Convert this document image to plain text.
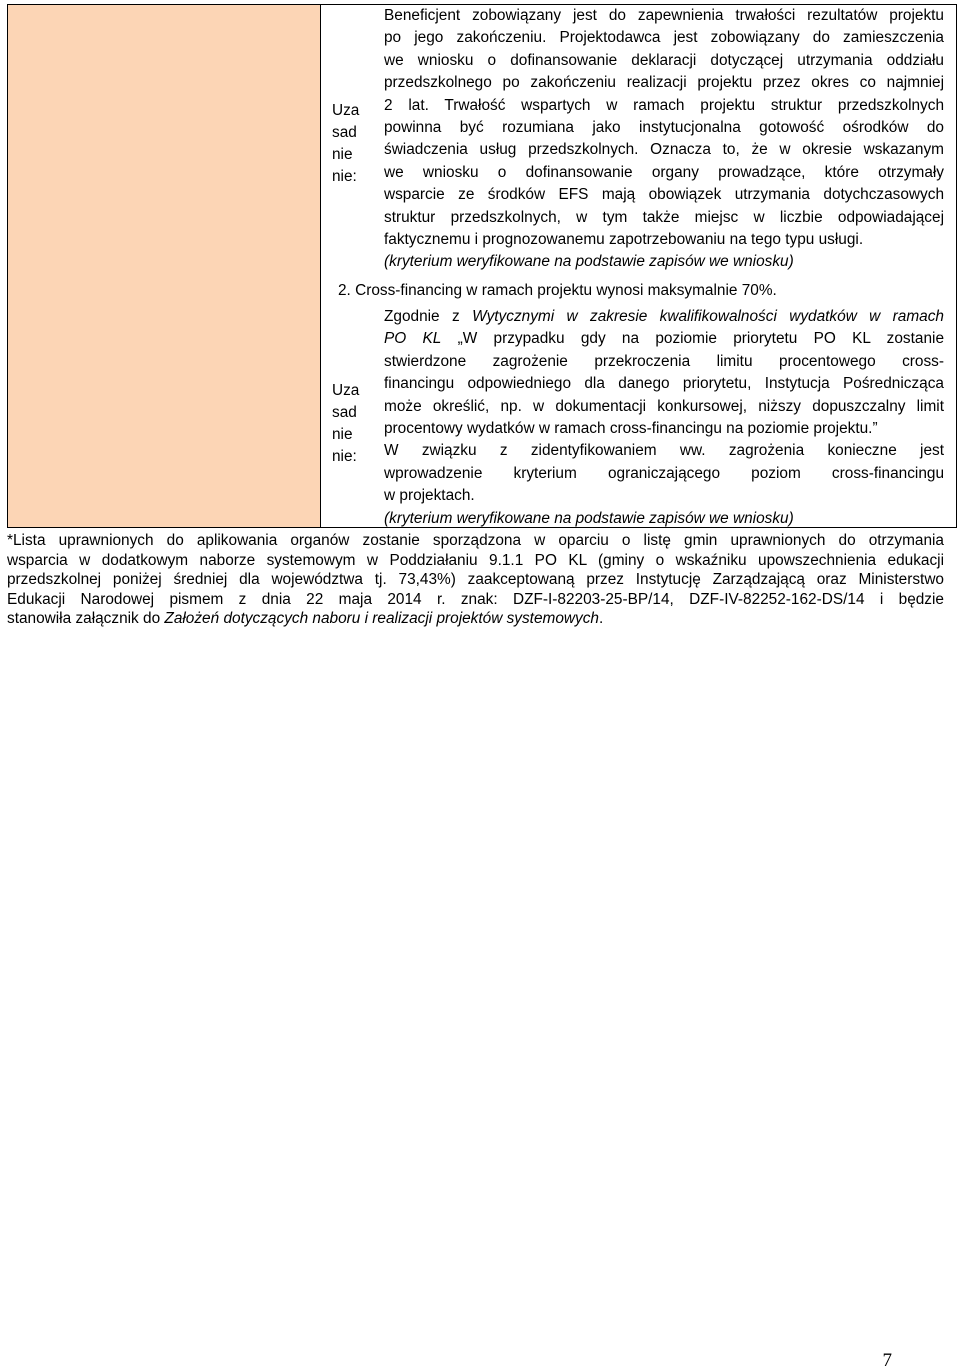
Uza
sad
nie
nie:
Beneficjent zobowiązany jest do zapewnienia trwałości rezultatów projektu
po jego zakończeniu. Projektodawca jest zobowiązany do zamieszczenia
we wniosku o dofinansowanie deklaracji dotyczącej utrzymania oddziału
przedszkolnego po zakończeniu realizacji projektu przez okres co najmniej
2 lat. Trwałość wspartych w ramach projektu struktur przedszkolnych
powinna być rozumiana jako instytucjonalna gotowość ośrodków do
świadczenia usług przedszkolnych. Oznacza to, że w okresie wskazanym
we wniosku o dofinansowanie organy prowadzące, które otrzymały
wsparcie ze środków EFS mają obowiązek utrzymania dotychczasowych
struktur przedszkolnych, w tym także miejsc w liczbie odpowiadającej
faktycznemu i prognozowanemu zapotrzebowaniu na tego typu usługi.
(kryterium weryfikowane na podstawie zapisów we wniosku)
2. Cross-financing w ramach projektu wynosi maksymalnie 70%.
Uza
sad
nie
nie:
Zgodnie z Wytycznymi w zakresie kwalifikowalności wydatków w ramach
PO KL „W przypadku gdy na poziomie priorytetu PO KL zostanie
stwierdzone zagrożenie przekroczenia limitu procentowego cross-
financingu odpowiedniego dla danego priorytetu, Instytucja Pośrednicząca
może określić, np. w dokumentacji konkursowej, niższy dopuszczalny limit
procentowy wydatków w ramach cross-financingu na poziomie projektu.”
W związku z zidentyfikowaniem ww. zagrożenia konieczne jest
wprowadzenie kryterium ograniczającego poziom cross-financingu
w projektach.
(kryterium weryfikowane na podstawie zapisów we wniosku)
*Lista uprawnionych do aplikowania organów zostanie sporządzona w oparciu o listę gmin uprawnionych do otrzymania
wsparcia w dodatkowym naborze systemowym w Poddziałaniu 9.1.1 PO KL (gminy o wskaźniku upowszechnienia edukacji
przedszkolnej poniżej średniej dla województwa tj. 73,43%) zaakceptowaną przez Instytucję Zarządzającą oraz Ministerstwo
Edukacji Narodowej pismem z dnia 22 maja 2014 r. znak: DZF-I-82203-25-BP/14, DZF-IV-82252-162-DS/14 i będzie
stanowiła załącznik do Założeń dotyczących naboru i realizacji projektów systemowych.
7
